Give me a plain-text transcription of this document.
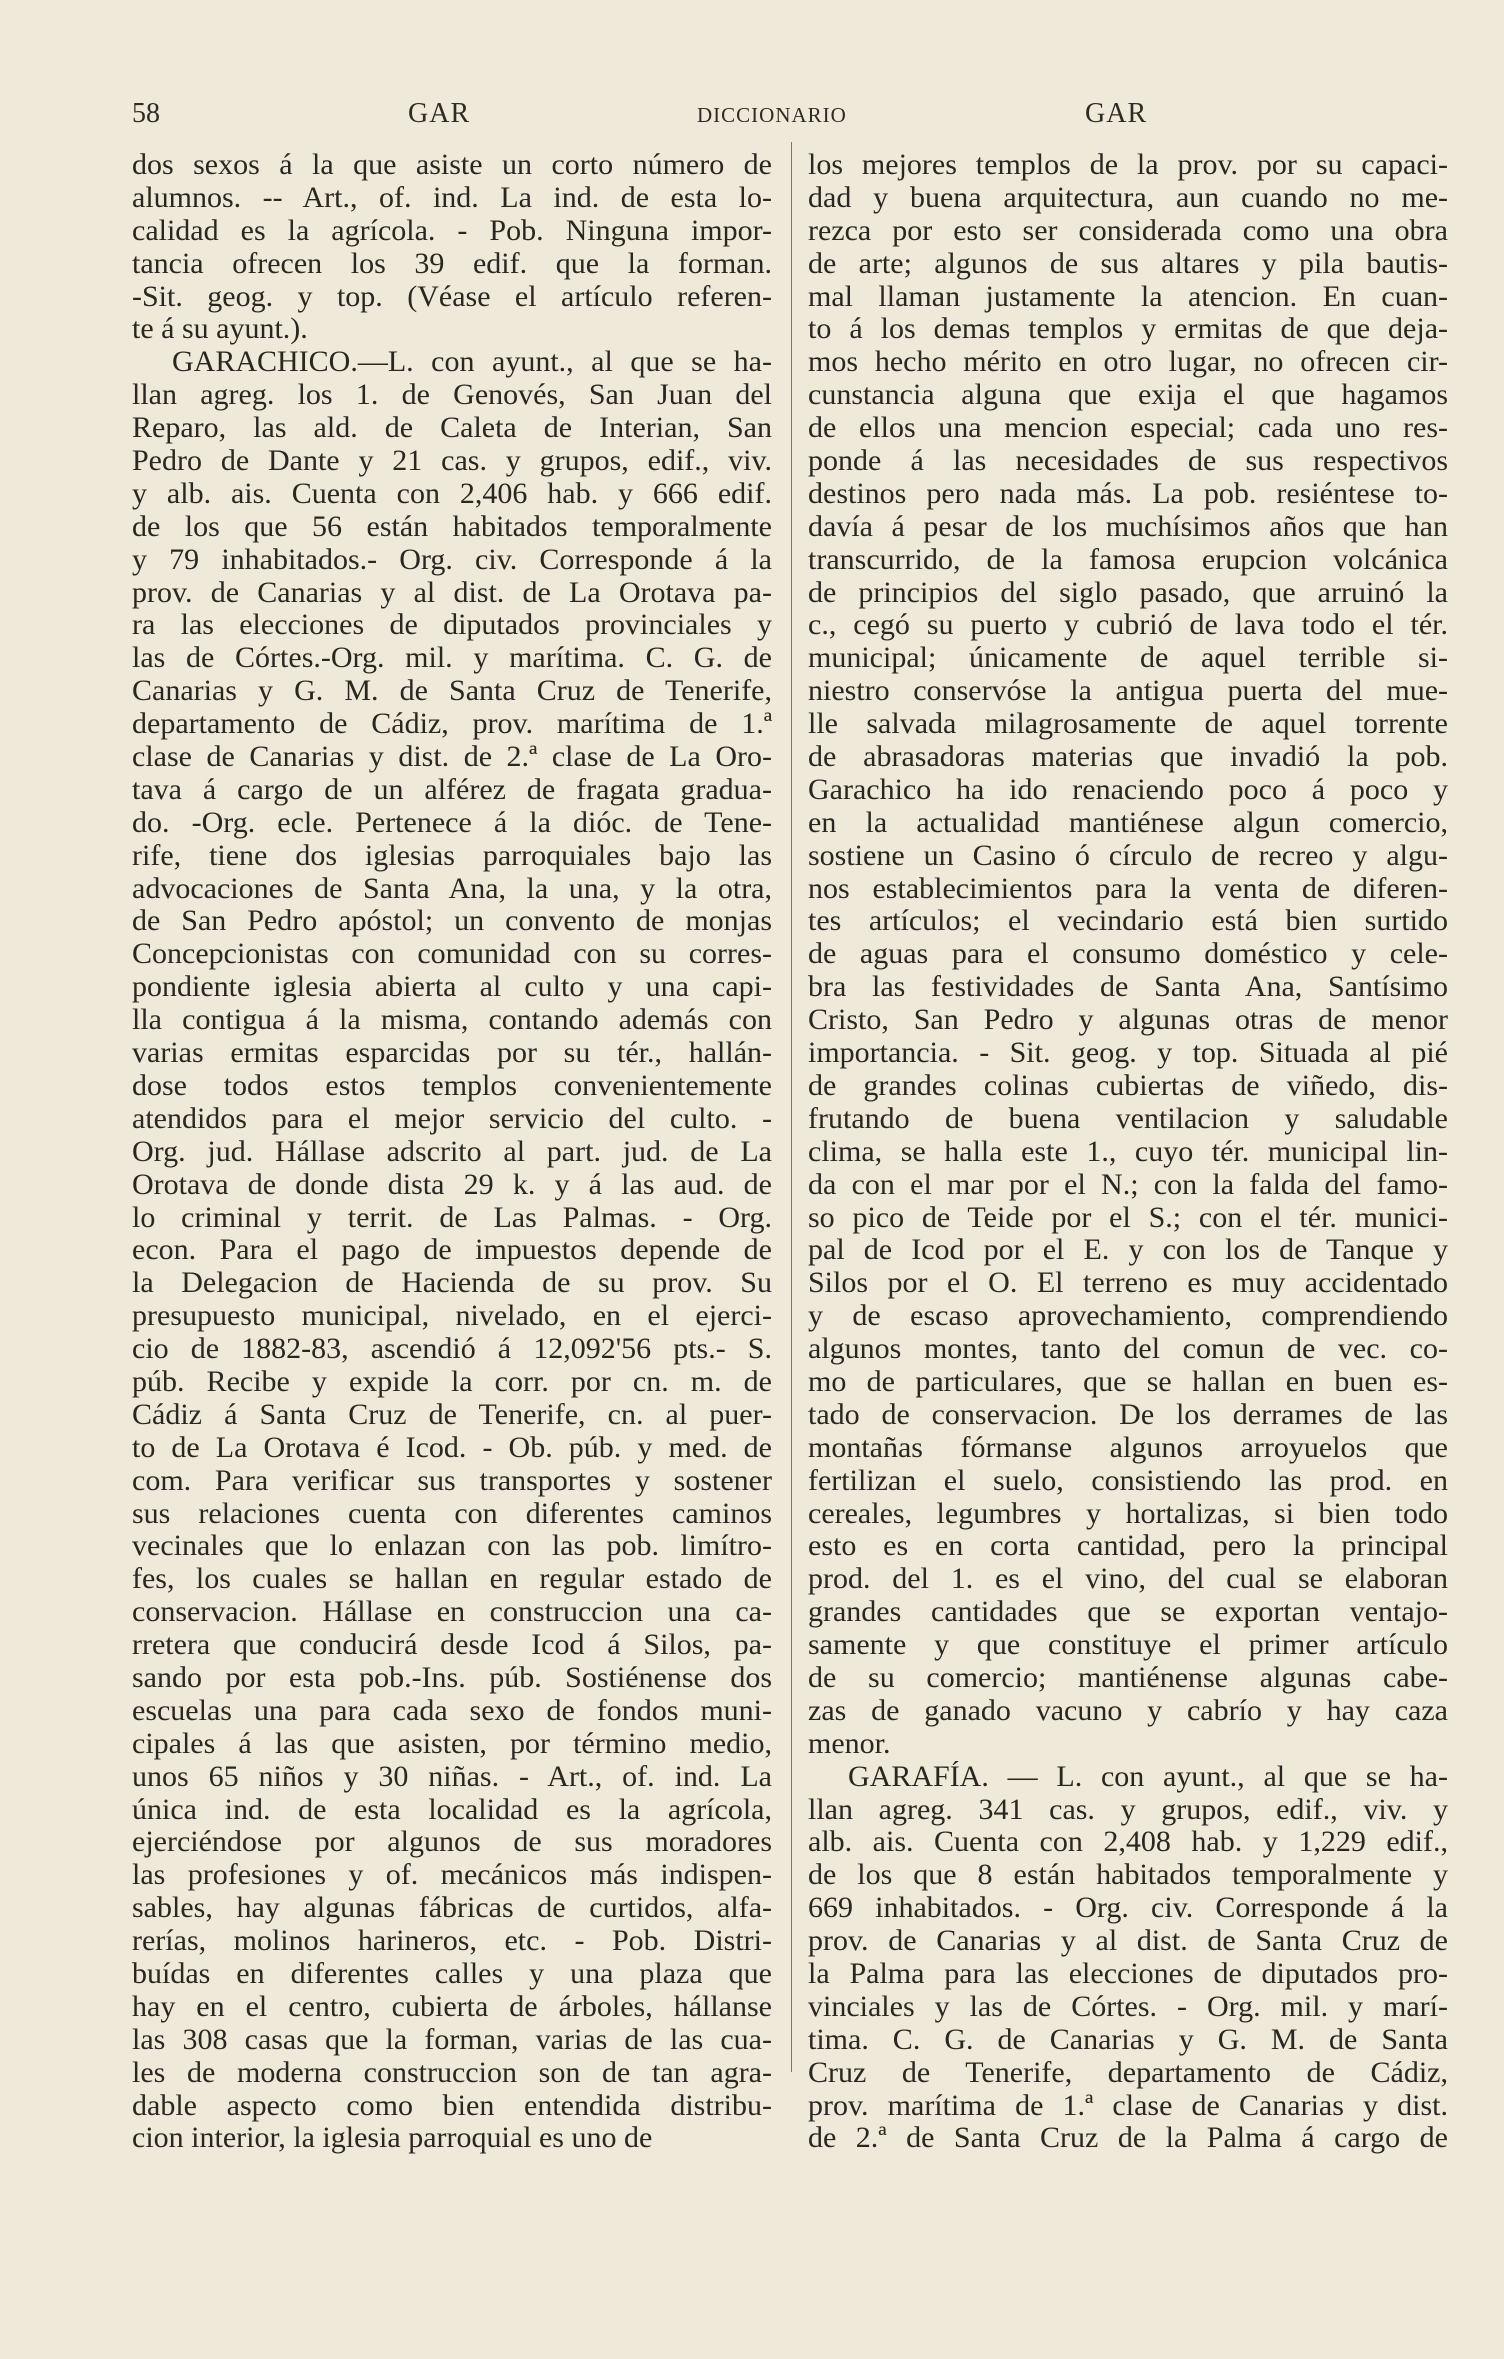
58	GAR	DICCIONARIO	GAR
dos sexos á la que asiste un corto número de
alumnos. -- Art., of. ind. La ind. de esta lo-
calidad es la agrícola. - Pob. Ninguna impor-
tancia ofrecen los 39 edif. que la forman.
-Sit. geog. y top. (Véase el artículo referen-
te á su ayunt.).
GARACHICO.—L. con ayunt., al que se ha-
llan agreg. los 1. de Genovés, San Juan del
Reparo, las ald. de Caleta de Interian, San
Pedro de Dante y 21 cas. y grupos, edif., viv.
y alb. ais. Cuenta con 2,406 hab. y 666 edif.
de los que 56 están habitados temporalmente
y 79 inhabitados.- Org. civ. Corresponde á la
prov. de Canarias y al dist. de La Orotava pa-
ra las elecciones de diputados provinciales y
las de Córtes.-Org. mil. y marítima. C. G. de
Canarias y G. M. de Santa Cruz de Tenerife,
departamento de Cádiz, prov. marítima de 1.ª
clase de Canarias y dist. de 2.ª clase de La Oro-
tava á cargo de un alférez de fragata gradua-
do. -Org. ecle. Pertenece á la dióc. de Tene-
rife, tiene dos iglesias parroquiales bajo las
advocaciones de Santa Ana, la una, y la otra,
de San Pedro apóstol; un convento de monjas
Concepcionistas con comunidad con su corres-
pondiente iglesia abierta al culto y una capi-
lla contigua á la misma, contando además con
varias ermitas esparcidas por su tér., hallán-
dose todos estos templos convenientemente
atendidos para el mejor servicio del culto. -
Org. jud. Hállase adscrito al part. jud. de La
Orotava de donde dista 29 k. y á las aud. de
lo criminal y territ. de Las Palmas. - Org.
econ. Para el pago de impuestos depende de
la Delegacion de Hacienda de su prov. Su
presupuesto municipal, nivelado, en el ejerci-
cio de 1882-83, ascendió á 12,092'56 pts.- S.
púb. Recibe y expide la corr. por cn. m. de
Cádiz á Santa Cruz de Tenerife, cn. al puer-
to de La Orotava é Icod. - Ob. púb. y med. de
com. Para verificar sus transportes y sostener
sus relaciones cuenta con diferentes caminos
vecinales que lo enlazan con las pob. limítro-
fes, los cuales se hallan en regular estado de
conservacion. Hállase en construccion una ca-
rretera que conducirá desde Icod á Silos, pa-
sando por esta pob.-Ins. púb. Sostiénense dos
escuelas una para cada sexo de fondos muni-
cipales á las que asisten, por término medio,
unos 65 niños y 30 niñas. - Art., of. ind. La
única ind. de esta localidad es la agrícola,
ejerciéndose por algunos de sus moradores
las profesiones y of. mecánicos más indispen-
sables, hay algunas fábricas de curtidos, alfa-
rerías, molinos harineros, etc. - Pob. Distri-
buídas en diferentes calles y una plaza que
hay en el centro, cubierta de árboles, hállanse
las 308 casas que la forman, varias de las cua-
les de moderna construccion son de tan agra-
dable aspecto como bien entendida distribu-
cion interior, la iglesia parroquial es uno de
los mejores templos de la prov. por su capaci-
dad y buena arquitectura, aun cuando no me-
rezca por esto ser considerada como una obra
de arte; algunos de sus altares y pila bautis-
mal llaman justamente la atencion. En cuan-
to á los demas templos y ermitas de que deja-
mos hecho mérito en otro lugar, no ofrecen cir-
cunstancia alguna que exija el que hagamos
de ellos una mencion especial; cada uno res-
ponde á las necesidades de sus respectivos
destinos pero nada más. La pob. resiéntese to-
davía á pesar de los muchísimos años que han
transcurrido, de la famosa erupcion volcánica
de principios del siglo pasado, que arruinó la
c., cegó su puerto y cubrió de lava todo el tér.
municipal; únicamente de aquel terrible si-
niestro conservóse la antigua puerta del mue-
lle salvada milagrosamente de aquel torrente
de abrasadoras materias que invadió la pob.
Garachico ha ido renaciendo poco á poco y
en la actualidad mantiénese algun comercio,
sostiene un Casino ó círculo de recreo y algu-
nos establecimientos para la venta de diferen-
tes artículos; el vecindario está bien surtido
de aguas para el consumo doméstico y cele-
bra las festividades de Santa Ana, Santísimo
Cristo, San Pedro y algunas otras de menor
importancia. - Sit. geog. y top. Situada al pié
de grandes colinas cubiertas de viñedo, dis-
frutando de buena ventilacion y saludable
clima, se halla este 1., cuyo tér. municipal lin-
da con el mar por el N.; con la falda del famo-
so pico de Teide por el S.; con el tér. munici-
pal de Icod por el E. y con los de Tanque y
Silos por el O. El terreno es muy accidentado
y de escaso aprovechamiento, comprendiendo
algunos montes, tanto del comun de vec. co-
mo de particulares, que se hallan en buen es-
tado de conservacion. De los derrames de las
montañas fórmanse algunos arroyuelos que
fertilizan el suelo, consistiendo las prod. en
cereales, legumbres y hortalizas, si bien todo
esto es en corta cantidad, pero la principal
prod. del 1. es el vino, del cual se elaboran
grandes cantidades que se exportan ventajo-
samente y que constituye el primer artículo
de su comercio; mantiénense algunas cabe-
zas de ganado vacuno y cabrío y hay caza
menor.
GARAFÍA. — L. con ayunt., al que se ha-
llan agreg. 341 cas. y grupos, edif., viv. y
alb. ais. Cuenta con 2,408 hab. y 1,229 edif.,
de los que 8 están habitados temporalmente y
669 inhabitados. - Org. civ. Corresponde á la
prov. de Canarias y al dist. de Santa Cruz de
la Palma para las elecciones de diputados pro-
vinciales y las de Córtes. - Org. mil. y marí-
tima. C. G. de Canarias y G. M. de Santa
Cruz de Tenerife, departamento de Cádiz,
prov. marítima de 1.ª clase de Canarias y dist.
de 2.ª de Santa Cruz de la Palma á cargo de
